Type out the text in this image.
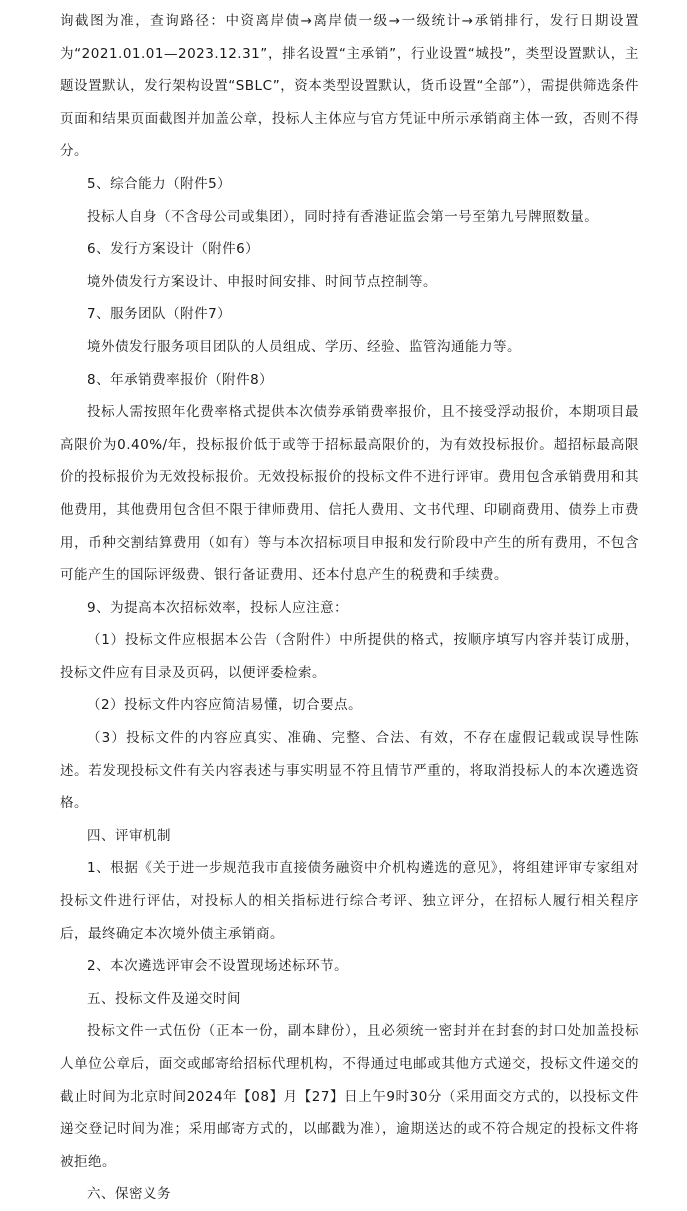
询截图为准，查询路径：中资离岸债→离岸债一级→一级统计→承销排行，发行日期设置为“2021.01.01—2023.12.31”，排名设置“主承销”，行业设置“城投”，类型设置默认，主题设置默认，发行架构设置“SBLC”，资本类型设置默认，货币设置“全部”），需提供筛选条件页面和结果页面截图并加盖公章，投标人主体应与官方凭证中所示承销商主体一致，否则不得分。

5、综合能力（附件5）

投标人自身（不含母公司或集团），同时持有香港证监会第一号至第九号牌照数量。

6、发行方案设计（附件6）

境外债发行方案设计、申报时间安排、时间节点控制等。

7、服务团队（附件7）

境外债发行服务项目团队的人员组成、学历、经验、监管沟通能力等。

8、年承销费率报价（附件8）

投标人需按照年化费率格式提供本次债券承销费率报价，且不接受浮动报价，本期项目最高限价为0.40%/年，投标报价低于或等于招标最高限价的，为有效投标报价。超招标最高限价的投标报价为无效投标报价。无效投标报价的投标文件不进行评审。费用包含承销费用和其他费用，其他费用包含但不限于律师费用、信托人费用、文书代理、印刷商费用、债券上市费用，币种交割结算费用（如有）等与本次招标项目申报和发行阶段中产生的所有费用，不包含可能产生的国际评级费、银行备证费用、还本付息产生的税费和手续费。

9、为提高本次招标效率，投标人应注意：

（1）投标文件应根据本公告（含附件）中所提供的格式，按顺序填写内容并装订成册，投标文件应有目录及页码，以便评委检索。

（2）投标文件内容应简洁易懂，切合要点。

（3）投标文件的内容应真实、准确、完整、合法、有效，不存在虚假记载或误导性陈述。若发现投标文件有关内容表述与事实明显不符且情节严重的，将取消投标人的本次遴选资格。

四、评审机制

1、根据《关于进一步规范我市直接债务融资中介机构遴选的意见》，将组建评审专家组对投标文件进行评估，对投标人的相关指标进行综合考评、独立评分，在招标人履行相关程序后，最终确定本次境外债主承销商。

2、本次遴选评审会不设置现场述标环节。

五、投标文件及递交时间

投标文件一式伍份（正本一份，副本肆份），且必须统一密封并在封套的封口处加盖投标人单位公章后，面交或邮寄给招标代理机构，不得通过电邮或其他方式递交，投标文件递交的截止时间为北京时间2024年【08】月【27】日上午9时30分（采用面交方式的，以投标文件递交登记时间为准；采用邮寄方式的，以邮戳为准），逾期送达的或不符合规定的投标文件将被拒绝。

六、保密义务
